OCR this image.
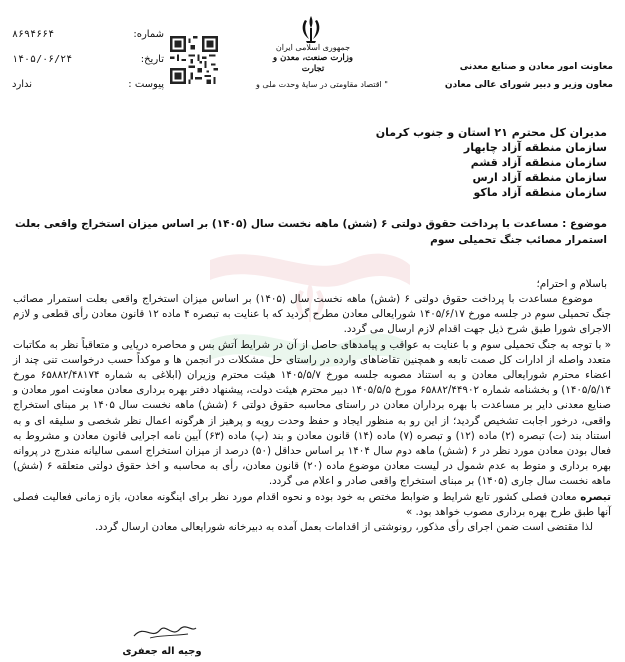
شماره:
۸۶۹۴۶۶۴
تاریخ:
۱۴۰۵/۰۶/۲۴
پیوست :
ندارد
جمهوری اسلامی ایران
وزارت صنعت، معدن و تجارت
" اقتصاد مقاومتی در سایهٔ وحدت ملی و
معاونت امور معادن و صنایع معدنی
معاون وزیر و دبیر شورای عالی معادن
مدیران کل محترم ۲۱ استان و جنوب کرمان
سازمان منطقه آزاد چابهار
سازمان منطقه آزاد قشم
سازمان منطقه آزاد ارس
سازمان منطقه آزاد ماکو
موضوع : مساعدت با پرداخت حقوق دولتی ۶ (شش) ماهه نخست سال (۱۴۰۵) بر اساس میزان استخراج واقعی بعلت استمرار مصائب جنگ تحمیلی سوم
باسلام و احترام؛

موضوع مساعدت با پرداخت حقوق دولتی ۶ (شش) ماهه نخست سال (۱۴۰۵) بر اساس میزان استخراج واقعی بعلت استمرار مصائب جنگ تحمیلی سوم در جلسه مورخ ۱۴۰۵/۶/۱۷ شورایعالی معادن مطرح گردید که با عنایت به تبصره ۴ ماده ۱۲ قانون معادن رأی قطعی و لازم الاجرای شورا طبق شرح ذیل جهت اقدام لازم ارسال می گردد.

« با توجه به جنگ تحمیلی سوم و با عنایت به عواقب و پیامدهای حاصل از آن در شرایط آتش بس و محاصره دریایی و متعاقباً نظر به مکاتبات متعدد واصله از ادارات کل صمت تابعه و همچنین تقاضاهای وارده در راستای حل مشکلات در انجمن ها و موکداً حسب درخواست تنی چند از اعضاء محترم شورایعالی معادن و به استناد مصوبه جلسه مورخ ۱۴۰۵/۵/۷ هیئت محترم وزیران (ابلاغی به شماره ۶۵۸۸۲/۴۸۱۷۴ مورخ ۱۴۰۵/۵/۱۴) و بخشنامه شماره ۶۵۸۸۲/۴۴۹۰۲ مورخ ۱۴۰۵/۵/۵ دبیر محترم هیئت دولت، پیشنهاد دفتر بهره برداری معادن معاونت امور معادن و صنایع معدنی دایر بر مساعدت با بهره برداران معادن در راستای محاسبه حقوق دولتی ۶ (شش) ماهه نخست سال ۱۴۰۵ بر مبنای استخراج واقعی، درخور اجابت تشخیص گردید؛ از این رو به منظور ایجاد و حفظ وحدت رویه و پرهیز از هرگونه اعمال نظر شخصی و سلیقه ای و به استناد بند (ت) تبصره (۲) ماده (۱۲) و تبصره (۷) ماده (۱۴) قانون معادن و بند (پ) ماده (۶۳) آیین نامه اجرایی قانون معادن و مشروط به فعال بودن معادن مورد نظر در ۶ (شش) ماهه دوم سال ۱۴۰۴ بر اساس حداقل (۵۰) درصد از میزان استخراج اسمی سالیانه مندرج در پروانه بهره برداری و متوط به عدم شمول در لیست معادن موضوع ماده (۲۰) قانون معادن، رأی به محاسبه و اخذ حقوق دولتی متعلقه ۶ (شش) ماهه نخست سال جاری (۱۴۰۵) بر مبنای استخراج واقعی صادر و اعلام می گردد.

تبصره معادن فصلی کشور تابع شرایط و ضوابط مختص به خود بوده و نحوه اقدام مورد نظر برای اینگونه معادن، بازه زمانی فعالیت فصلی آنها طبق طرح بهره برداری مصوب خواهد بود. »

لذا مقتضی است ضمن اجرای رأی مذکور، رونوشتی از اقدامات بعمل آمده به دبیرخانه شورایعالی معادن ارسال گردد.

وجیه اله جعفری
